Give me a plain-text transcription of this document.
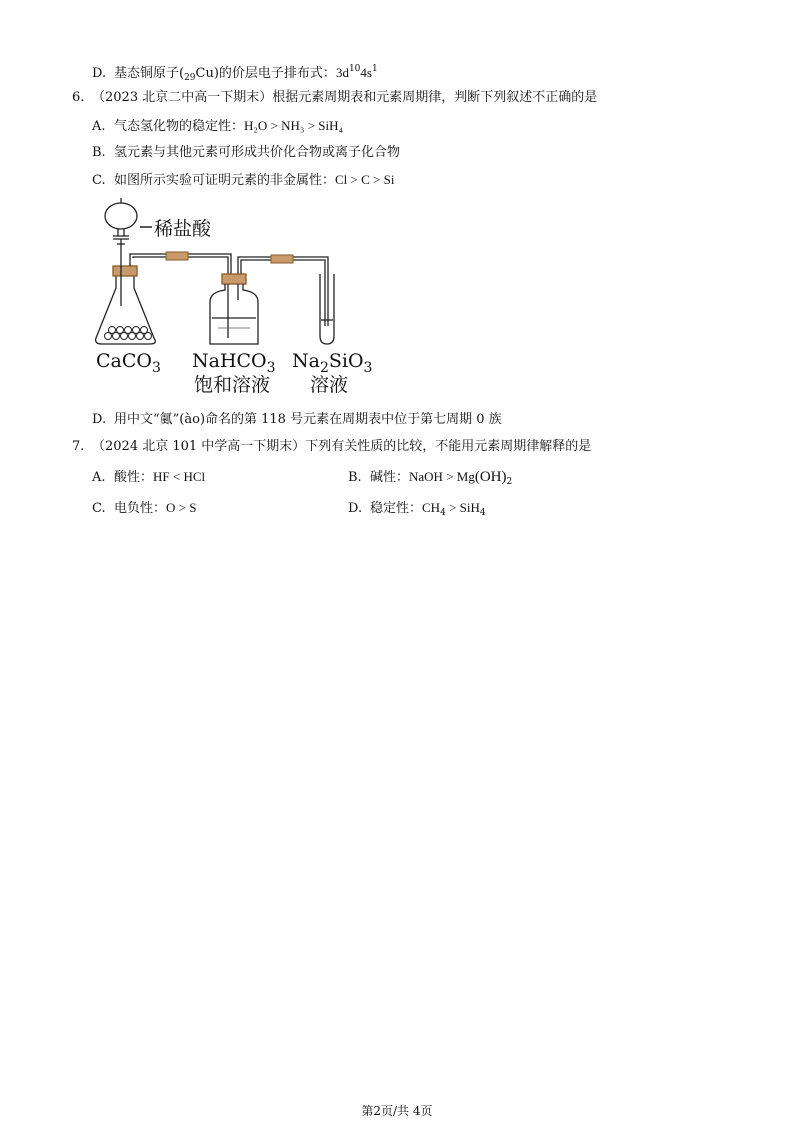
D. 基态铜原子$(_{29}Cu)$的价层电子排布式：$3d^{10}4s^1$
6. （2023 北京二中高一下期末）根据元素周期表和元素周期律，判断下列叙述不正确的是
A. 气态氢化物的稳定性：H₂O > NH₃ > SiH₄
B. 氢元素与其他元素可形成共价化合物或离子化合物
C. 如图所示实验可证明元素的非金属性：Cl > C > Si
稀盐酸
CaCO$_3$ NaHCO$_3$
饱和溶液
$Na_2SiO_3$
溶液
D. 用中文“鿫”(ào)命名的第 118 号元素在周期表中位于第七周期 0 族
7. （2024 北京 101 中学高一下期末）下列有关性质的比较，不能用元素周期律解释的是
A. 酸性：HF < HCl	B. 碱性：NaOH > $Mg(OH)_2$
C. 电负性：O > S	D. 稳定性：$CH_4 > SiH_4$
第2页/共 4页
